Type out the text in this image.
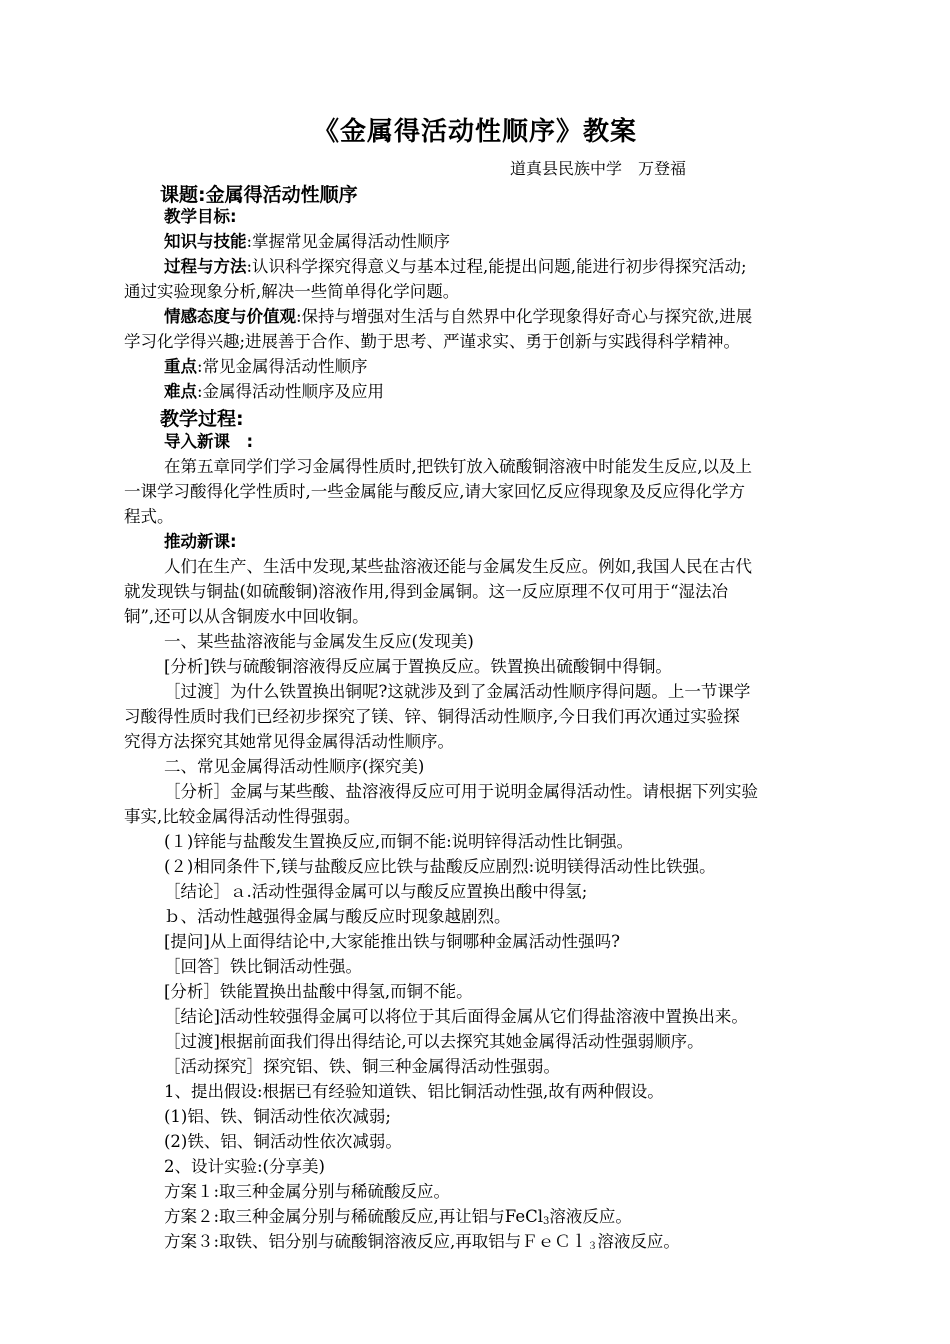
《金属得活动性顺序》教案
道真县民族中学　万登福
课题:金属得活动性顺序
教学目标:
知识与技能:掌握常见金属得活动性顺序
过程与方法:认识科学探究得意义与基本过程,能提出问题,能进行初步得探究活动;
通过实验现象分析,解决一些简单得化学问题。
情感态度与价值观:保持与增强对生活与自然界中化学现象得好奇心与探究欲,进展
学习化学得兴趣;进展善于合作、勤于思考、严谨求实、勇于创新与实践得科学精神。
重点:常见金属得活动性顺序
难点:金属得活动性顺序及应用
教学过程:
导入新课　:
在第五章同学们学习金属得性质时,把铁钉放入硫酸铜溶液中时能发生反应,以及上
一课学习酸得化学性质时,一些金属能与酸反应,请大家回忆反应得现象及反应得化学方
程式。
推动新课:
人们在生产、生活中发现,某些盐溶液还能与金属发生反应。例如,我国人民在古代
就发现铁与铜盐(如硫酸铜)溶液作用,得到金属铜。这一反应原理不仅可用于“湿法冶
铜”,还可以从含铜废水中回收铜。
一、某些盐溶液能与金属发生反应(发现美)
[分析]铁与硫酸铜溶液得反应属于置换反应。铁置换出硫酸铜中得铜。
［过渡］为什么铁置换出铜呢?这就涉及到了金属活动性顺序得问题。上一节课学
习酸得性质时我们已经初步探究了镁、锌、铜得活动性顺序,今日我们再次通过实验探
究得方法探究其她常见得金属得活动性顺序。
二、常见金属得活动性顺序(探究美)
［分析］金属与某些酸、盐溶液得反应可用于说明金属得活动性。请根据下列实验
事实,比较金属得活动性得强弱。
(１)锌能与盐酸发生置换反应,而铜不能:说明锌得活动性比铜强。
(２)相同条件下,镁与盐酸反应比铁与盐酸反应剧烈:说明镁得活动性比铁强。
［结论］ａ.活动性强得金属可以与酸反应置换出酸中得氢;
ｂ、活动性越强得金属与酸反应时现象越剧烈。
[提问]从上面得结论中,大家能推出铁与铜哪种金属活动性强吗?
［回答］铁比铜活动性强。
[分析］铁能置换出盐酸中得氢,而铜不能。
［结论]活动性较强得金属可以将位于其后面得金属从它们得盐溶液中置换出来。
［过渡]根据前面我们得出得结论,可以去探究其她金属得活动性强弱顺序。
［活动探究］探究铝、铁、铜三种金属得活动性强弱。
1、提出假设:根据已有经验知道铁、铝比铜活动性强,故有两种假设。
(1)铝、铁、铜活动性依次减弱;
(2)铁、铝、铜活动性依次减弱。
2、设计实验:(分享美)
方案１:取三种金属分别与稀硫酸反应。
方案２:取三种金属分别与稀硫酸反应,再让铝与FeCl$_3$溶液反应。
方案３:取铁、铝分别与硫酸铜溶液反应,再取铝与ＦｅＣｌ$_3$溶液反应。
